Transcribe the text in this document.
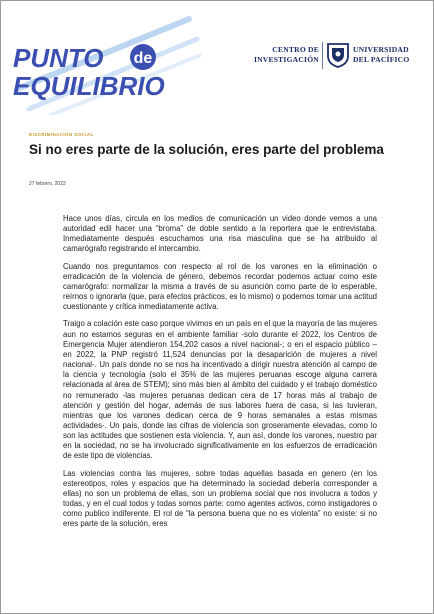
PUNTO de
EQUILIBRIO
CENTRO DE
INVESTIGACIÓN
UNIVERSIDAD
DEL PACÍFICO
DISCRIMINACIÓN SOCIAL
Si no eres parte de la solución, eres parte del problema
27 febrero, 2023

Hace unos días, circula en los medios de comunicación un video donde vemos a una autoridad edil hacer una “broma” de doble sentido a la reportera que le entrevistaba. Inmediatamente después escuchamos una risa masculina que se ha atribuido al camarógrafo registrando el intercambio.

Cuando nos preguntamos con respecto al rol de los varones en la eliminación o erradicación de la violencia de género, debemos recordar podemos actuar como este camarógrafo: normalizar la misma a través de su asunción como parte de lo esperable, reírnos o ignorarla (que, para efectos prácticos, es lo mismo) o podemos tomar una actitud cuestionante y crítica inmediatamente activa.

Traigo a colación este caso porque vivimos en un país en el que la mayoría de las mujeres aun no estamos seguras en el ambiente familiar -solo durante el 2022, los Centros de Emergencia Mujer atendieron 154,202 casos a nivel nacional-; o en el espacio público – en 2022, la PNP registró 11,524 denuncias por la desaparición de mujeres a nivel nacional-. Un país donde no se nos ha incentivado a dirigir nuestra atención al campo de la ciencia y tecnología (solo el 35% de las mujeres peruanas escoge alguna carrera relacionada al área de STEM); sino más bien al ámbito del cuidado y el trabajo doméstico no remunerado -las mujeres peruanas dedican cera de 17 horas más al trabajo de atención y gestión del hogar, además de sus labores fuera de casa, si las tuvieran, mientras que los varones dedican cerca de 9 horas semanales a estas mismas actividades-. Un país, donde las cifras de violencia son groseramente elevadas, como lo son las actitudes que sostienen esta violencia. Y, aun así, donde los varones, nuestro par en la sociedad, no se ha involucrado significativamente en los esfuerzos de erradicación de este tipo de violencias.

Las violencias contra las mujeres, sobre todas aquellas basada en genero (en los estereotipos, roles y espacios que ha determinado la sociedad debería corresponder a ellas) no son un problema de ellas, son un problema social que nos involucra a todos y todas, y en el cual todos y todas somos parte: como agentes activos, como instigadores o como publico indiferente. El rol de “la persona buena que no es violenta” no existe: si no eres parte de la solución, eres
